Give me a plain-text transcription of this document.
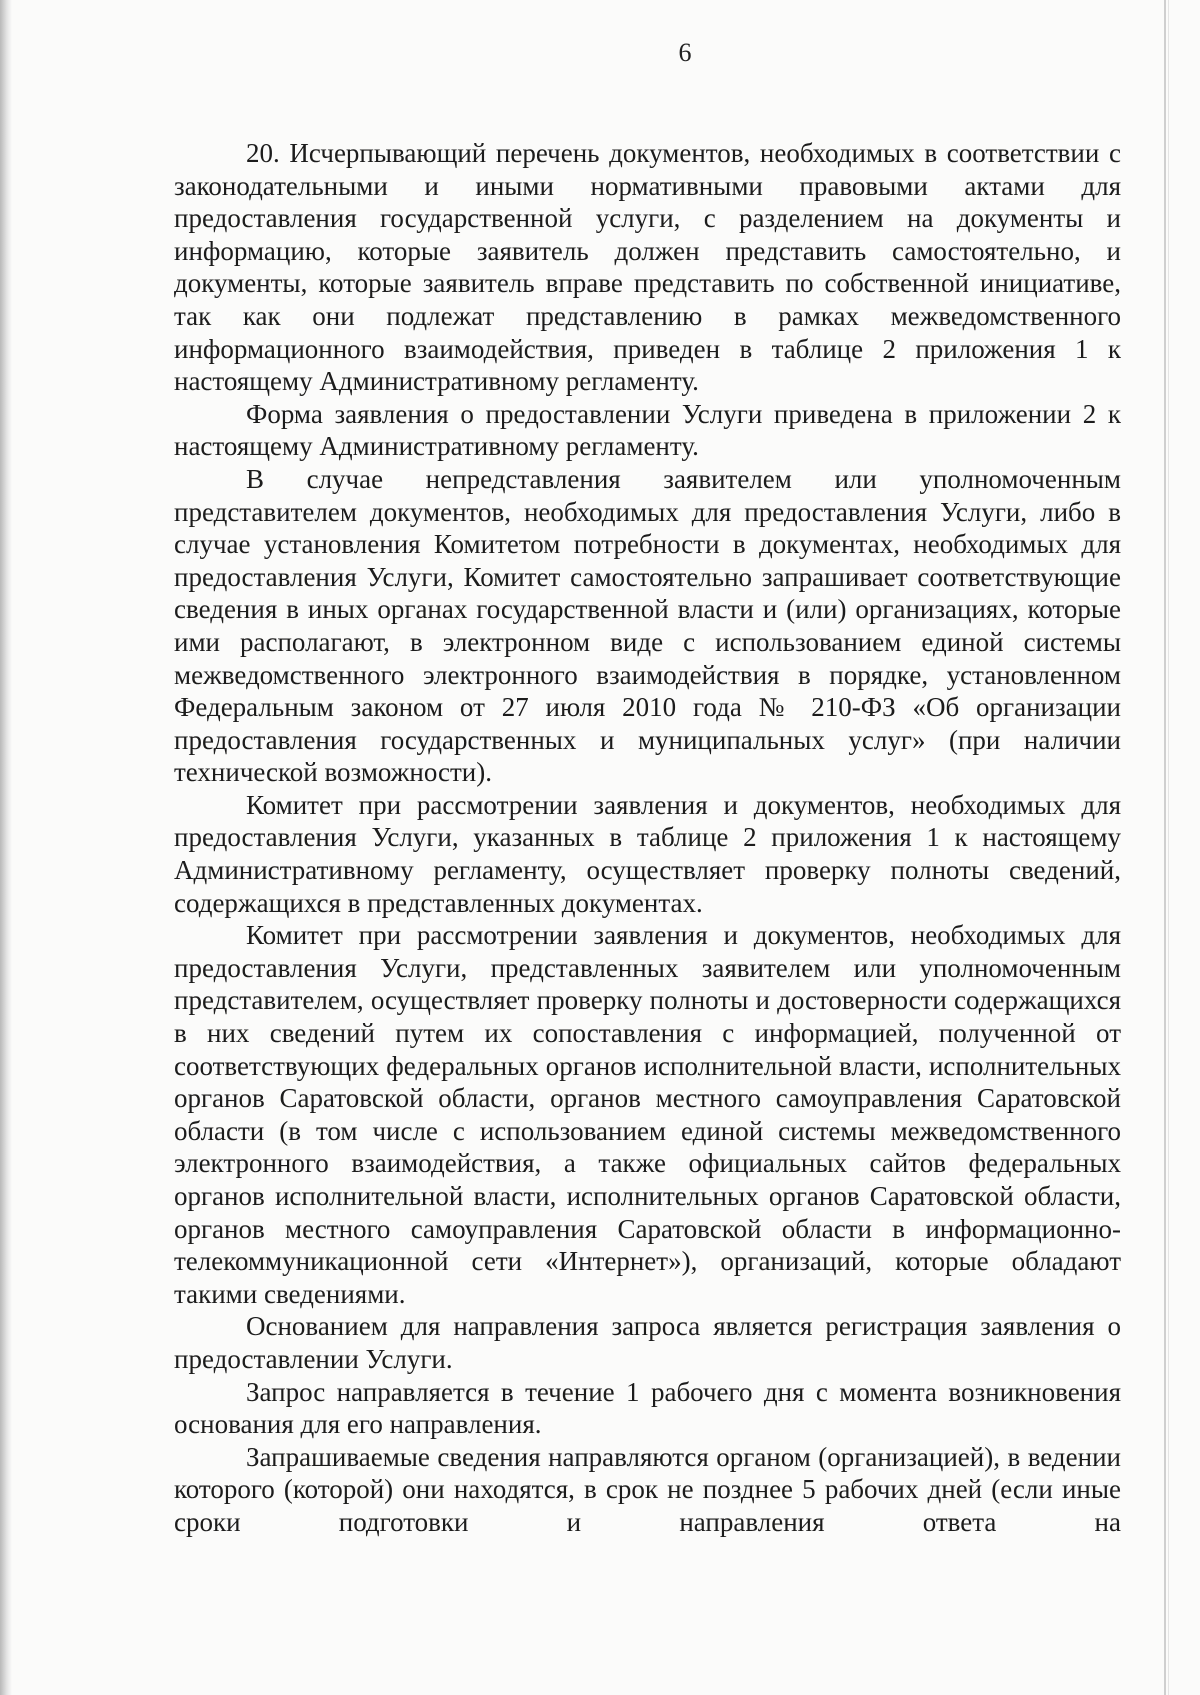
6

20. Исчерпывающий перечень документов, необходимых в соответствии с законодательными и иными нормативными правовыми актами для предоставления государственной услуги, с разделением на документы и информацию, которые заявитель должен представить самостоятельно, и документы, которые заявитель вправе представить по собственной инициативе, так как они подлежат представлению в рамках межведомственного информационного взаимодействия, приведен в таблице 2 приложения 1 к настоящему Административному регламенту.

Форма заявления о предоставлении Услуги приведена в приложении 2 к настоящему Административному регламенту.

В случае непредставления заявителем или уполномоченным представителем документов, необходимых для предоставления Услуги, либо в случае установления Комитетом потребности в документах, необходимых для предоставления Услуги, Комитет самостоятельно запрашивает соответствующие сведения в иных органах государственной власти и (или) организациях, которые ими располагают, в электронном виде с использованием единой системы межведомственного электронного взаимодействия в порядке, установленном Федеральным законом от 27 июля 2010 года № 210-ФЗ «Об организации предоставления государственных и муниципальных услуг» (при наличии технической возможности).

Комитет при рассмотрении заявления и документов, необходимых для предоставления Услуги, указанных в таблице 2 приложения 1 к настоящему Административному регламенту, осуществляет проверку полноты сведений, содержащихся в представленных документах.

Комитет при рассмотрении заявления и документов, необходимых для предоставления Услуги, представленных заявителем или уполномоченным представителем, осуществляет проверку полноты и достоверности содержащихся в них сведений путем их сопоставления с информацией, полученной от соответствующих федеральных органов исполнительной власти, исполнительных органов Саратовской области, органов местного самоуправления Саратовской области (в том числе с использованием единой системы межведомственного электронного взаимодействия, а также официальных сайтов федеральных органов исполнительной власти, исполнительных органов Саратовской области, органов местного самоуправления Саратовской области в информационно-телекоммуникационной сети «Интернет»), организаций, которые обладают такими сведениями.

Основанием для направления запроса является регистрация заявления о предоставлении Услуги.

Запрос направляется в течение 1 рабочего дня с момента возникновения основания для его направления.

Запрашиваемые сведения направляются органом (организацией), в ведении которого (которой) они находятся, в срок не позднее 5 рабочих дней (если иные сроки подготовки и направления ответа на
